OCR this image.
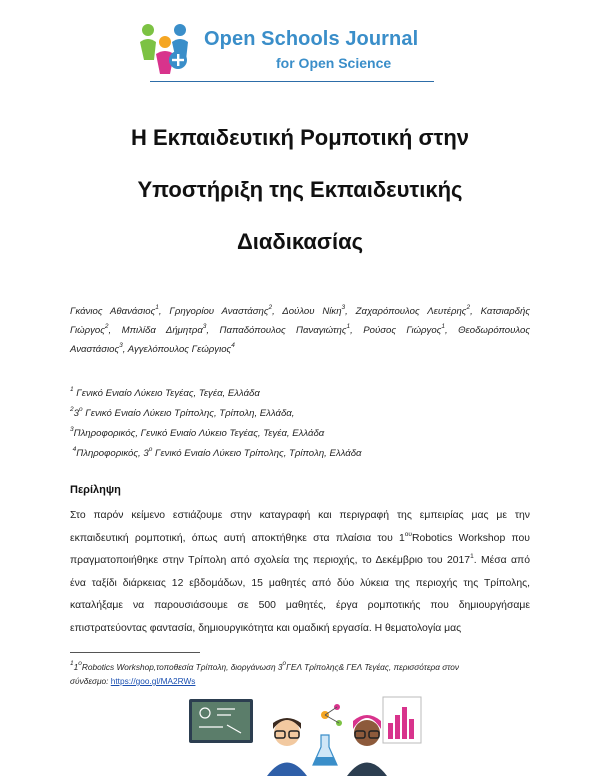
Open Schools Journal
for Open Science
Η Εκπαιδευτική Ρομποτική στην
Υποστήριξη της Εκπαιδευτικής
Διαδικασίας
Γκάνιος Αθανάσιος$^1$, Γρηγορίου Αναστάσης$^2$, Δούλου Νίκη$^3$, Ζαχαρόπουλος Λευτέρης$^2$, Κατσιαρδής
Γιώργος$^2$, Μπιλίδα Δήμητρα$^3$, Παπαδόπουλος Παναγιώτης$^1$, Ρούσος Γιώργος$^1$, Θεοδωρόπουλος
Αναστάσιος$^3$, Αγγελόπουλος Γεώργιος$^4$
$^1$ Γενικό Ενιαίο Λύκειο Τεγέας, Τεγέα, Ελλάδα
$^23^o$ Γενικό Ενιαίο Λύκειο Τρίπολης, Τρίπολη, Ελλάδα,
$^3$Πληροφορικός, Γενικό Ενιαίο Λύκειο Τεγέας, Τεγέα, Ελλάδα
$^4$Πληροφορικός, $3^o$ Γενικό Ενιαίο Λύκειο Τρίπολης, Τρίπολη, Ελλάδα
Περίληψη
Στο παρόν κείμενο εστιάζουμε στην καταγραφή και περιγραφή της εμπειρίας μας με την
εκπαιδευτική ρομποτική, όπως αυτή αποκτήθηκε στα πλαίσια του $1^{o\upsilon}Robotics$ Workshop που
πραγματοποιήθηκε στην Τρίπολη από σχολεία της περιοχής, το Δεκέμβριο του 2017$^1$. Μέσα από
ένα ταξίδι διάρκειας 12 εβδομάδων, 15 μαθητές από δύο λύκεια της περιοχής της Τρίπολης,
καταλήξαμε να παρουσιάσουμε σε 500 μαθητές, έργα ρομποτικής που δημιουργήσαμε
επιστρατεύοντας φαντασία, δημιουργικότητα και ομαδική εργασία. Η θεματολογία μας
$^11^oRobotics$ Workshop,τοποθεσία Τρίπολη, διοργάνωση $3^o\Gamma E\Lambda$ Τρίπολης& ΓΕΛ Τεγέας, περισσότερα στον
σύνδεσμο: https://goo.gl/MA2RWs
